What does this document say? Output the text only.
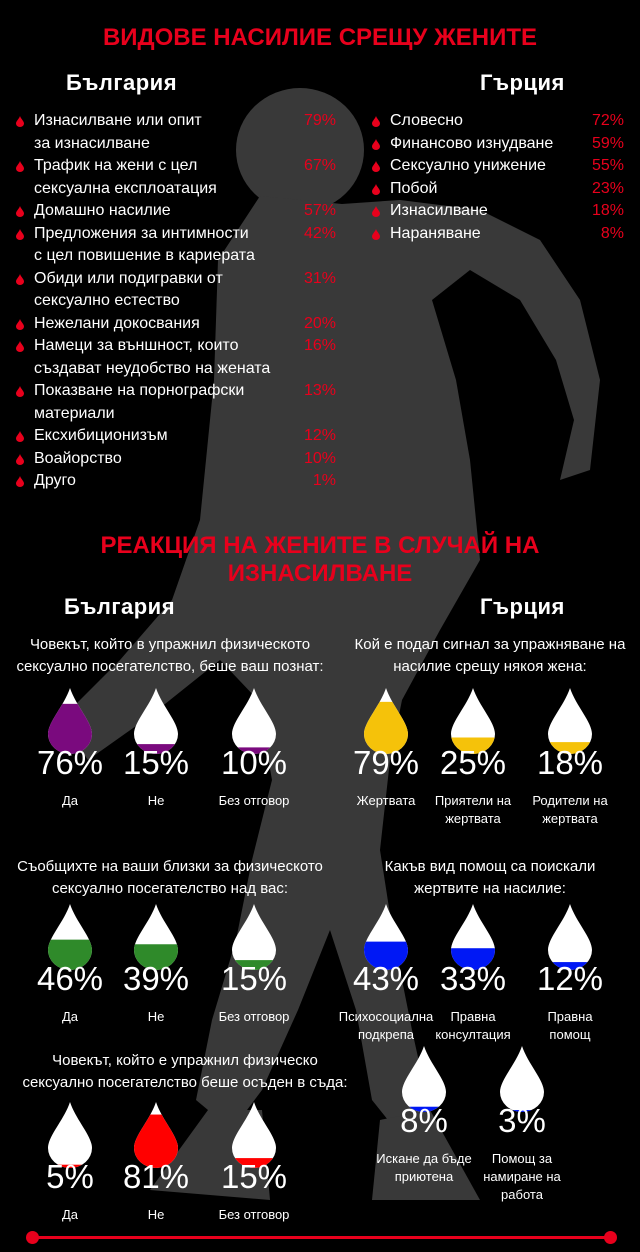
ВИДОВЕ НАСИЛИЕ СРЕЩУ ЖЕНИТЕ
България	Гърция
Изнасилване или опит
за изнасилване
79%
Трафик на жени с цел
сексуална експлоатация
67%
Домашно насилие	57%
Предложения за интимности
с цел повишение в кариерата
42%
Обиди или подигравки от
сексуално естество
31%
Нежелани докосвания	20%
Намеци за външност, които
създават неудобство на жената
16%
Показване на порнографски
материали
13%
Ексхибиционизъм	12%
Воайорство	10%
Друго	1%
Словесно	72%
Финансово изнудване	59%
Сексуално унижение	55%
Побой	23%
Изнасилване	18%
Нараняване	8%
РЕАКЦИЯ НА ЖЕНИТЕ В СЛУЧАЙ НА
ИЗНАСИЛВАНЕ
България	Гърция
Човекът, който в упражнил физическото
сексуално посегателство, беше ваш познат:
76%
Да
15%
Не
10%
Без отговор
Съобщихте на ваши близки за физическото
сексуално посегателство над вас:
46%
Да
39%
Не
15%
Без отговор
Човекът, който е упражнил физическо
сексуално посегателство беше осъден в съда:
5%
Да
81%
Не
15%
Без отговор
Кой е подал сигнал за упражняване на
насилие срещу някоя жена:
79%
Жертвата
25%
Приятели на
жертвата
18%
Родители на
жертвата
Какъв вид помощ са поискали
жертвите на насилие:
43%
Психосоциална
подкрепа
33%
Правна
консултация
12%
Правна
помощ
8%
Искане да бъде
приютена
3%
Помощ за
намиране на работа
